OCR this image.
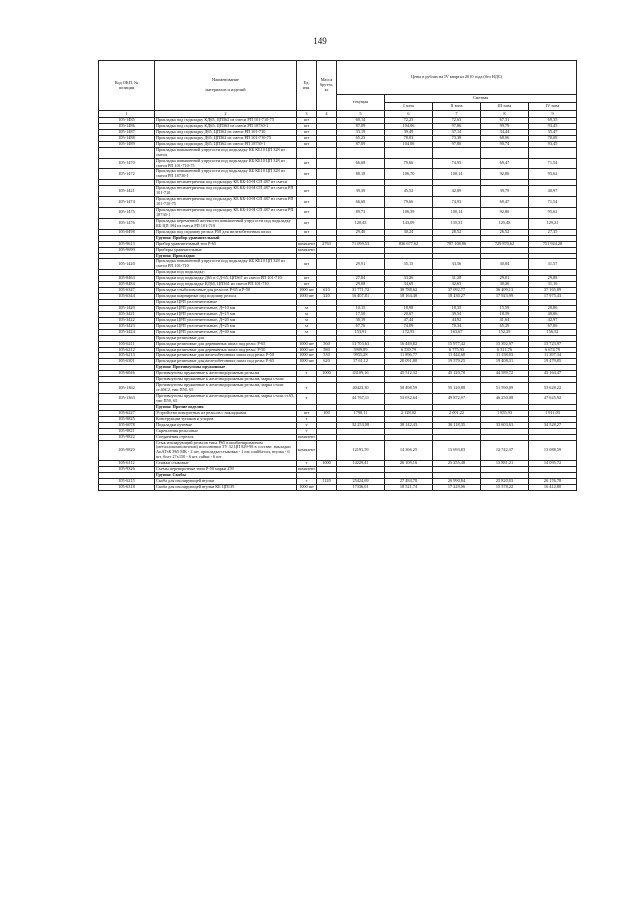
149
Код ОКП, №
позиции	Наименование

материалов и изделий	Ед.
изм.	Масса
брутто,
кг	Цены в рублях на IV квартал 2010 года (без НДС)				
				текущая	Сметная			
					I зона	II зона	III зона	IV зона
1	2	3	4	5	6	7	8	9
105-1485	Прокладка под подкладку КД65, ЦП362 из смеси РП 101-710-75	шт		60,14	72,23	72,63	67,31	69,35
105-1486	Прокладка под подкладку КД65, ЦП363 из смеси РП 18730-1	шт		87,09	104,06	97,86	99,79	93,45
105-1487	Прокладка под подкладку Д65, ЦП362 из смеси РП 101-710	шт		33,19	39,49	37,14	34,44	35,47
105-1488	Прокладка под подкладку Д65, ЦП362 из смеси РП 101-710-75	шт		65,23	78,03	73,38	68,06	70,08
105-1489	Прокладка под подкладку Д65, ЦП362 из смеси РП 18730-1	шт		87,09	104,06	97,86	90,74	93,45
	Прокладка повышенной упругости под подкладку КБ КБ10 ЦП 328 из смеси							
105-1470	Прокладка повышенной упругости под подкладку КБ КБ10 ЦП 328 из смеси РП 101-710-75	шт		66,68	79,66	74,93	69,47	71,54
105-1472	Прокладка повышенной упругости под подкладку КБ КБ10 ЦП 328 из смеси РП 18730-1	шт		88,18	106,70	100,14	92,86	95,62
	Прокладка несиметричная под подкладку КБ КБ-10-Н СП 487 из смеси							
105-1421	Прокладка несиметричная под подкладку КБ КБ-10-Н СП 487 из смеси РП 101-710	шт		39,39	45,52	42,89	39,79	40,97
105-1474	Прокладка несиметричная под подкладку КБ КБ-10-Н СП 487 из смеси РП 101-710-75	шт		66,68	79,66	74,93	69,47	71,54
105-1475	Прокладка несиметричная под подкладку КБ КБ-10-Н СП 487 из смеси РП 18730-1	шт		89,73	106,39	100,14	92,86	95,62
105-1476	Прокладка переменной жесткости повышенной упругости под подкладку КБ ЦП 394 из смеси РП 101-710	шт		120,43	143,09	135,31	125,48	129,21
105-0498	Прокладка под подошву рельса Р50 для железобетонных шпал	шт		29,46	30,24	28,52	26,52	27,35
	Группа: Прибор уравнительный							
105-9613	Прибор уравнительный тип Р-65	комплект	2763	71 099,53	836 677,62	787 108,86	729 870,62	751 924,28
105-9699	Приборы уравнительные	комплект						
	Группа: Прокладки							
105-1420	Прокладка повышенной упругости под подкладку КБ КБ10 ЦП 328 из смеси РП 101-710	шт		29,91	35,15	33,56	30,84	31,57
	Прокладки под подкладку:							
105-8463	Прокладки под подкладку Д65 и СД-65, ЦП367 из смеси РП 101-710	шт		27,84	33,26	31,28	29,01	29,88
105-8484	Прокладки под подкладку КД65, ЦП361 из смеси РП 101-710	шт		29,08	34,69	32,63	30,26	31,16
105-6347	Прокладки стыболовочные для рельсов Р-65 и Р-50	1000 шт	610	31 771,72	38 788,62	37 092,77	36 409,13	37 165,89
105-6344	Прокладки шарнирные под подошву рельса	1000 шт	220	16 407,81	18 164,48	18 430,27	17 923,99	17 975,43
	Прокладки ЦРП уплотнительные							
105-1420	Прокладки ЦРП уплотнительные, Д=10 мм	м		10,15	18,98	18,35	15,59	20,86
105-3421	Прокладки ЦРП уплотнительные, Д=15 мм	м		17,50	20,67	39,54	18,59	40,86
105-3422	Прокладки ЦРП уплотнительные, Д=20 мм	м		30,19	47,44	44,92	41,64	42,97
105-3423	Прокладки ЦРП уплотнительные, Д=25 мм	м		67,76	74,09	70,34	65,29	67,06
105-3424	Прокладки ЦРП уплотнительные, Д=40 мм	м		153,91	172,93	163,67	152,29	156,52
	Прокладки резиновые для							
105-6211	Прокладки резиновые для деревянных шпал под рельс Р-65	1000 шт	560	13 703,63	16 449,82	15 977,42	15 392,97	15 723,97
105-6212	Прокладки резиновые для деревянных шпал под рельс Р-50	1000 шт	580	5909,89	6 539,79	6 775,93	6 311,76	6 674,79
105-6213	Прокладки резиновые для железобетонных шпал под рельс Р-50	1000 шт	530	9955,28	11 896,77	11 444,68	11 158,03	11 397,34
105-6301	Прокладки резиновые для железобетонных шпал под рельс Р-65	1000 шт	620	17 61,12	20 091,80	19 579,25	19 408,31	19 479,85
	Группа: Противоугоны пружинные							
105-6046	Противоугоны пружинные к железнодорожным рельсам	т	1000	43109,16	45 512,32	45 120,70	44 589,72	45 164,47
	Противоугоны пружинные к железнодорожным рельсам, марка стали:							
105-1362	Противоугоны пружинные к железнодорожным рельсам, марка стали ст.40С2, тип П50, 65	т		40423,30	50 498,59	55 120,88	51 590,09	53 628,22
105-1363	Противоугоны пружинные к железнодорожным рельсам, марка стали ст.65, тип П50, 65	т		44 767,11	53 032,64	49 872,97	46 250,08	47 625,92
	Группа: Прочие изделия							
105-6227	Устройство поворотных из рельсов с накладками	шт	100	1790,11	2 128,02	2 001,22	1 855,93	1 911,03
105-9825	Конструкции тупиков и упоров	т						
105-6078	Подкладки путевые	т		32 253,08	38 142,43	36 118,35	33 603,63	34 528,27
105-9821	Скрепления рельсовые	т						
105-9822	Соединения стрелок	комплект						
105-9820	Стык изолирующий рельсов типа Р65 в комбинированном (металлокомпозитном) исполнении ТУ 32 ЦП 829-98 в составе: накладки АпАТзК Р65 МК - 2 шт, прокладка-стыковка - 1 шт, шайба-шл, втулка - 6 шт, болт 27х150 - 6 шт, гайки - 6 шт	комплект		12191,59	14 366,25	13 693,83	12 742,37	13 088,59
105-6112	Стяжки стыковые	т	1000	14229,41	26 109,16	25 255,48	13 881,21	14 095,72
105-9326	Съемы переворотные типа Р-50 марки 259	комплект						
	Группа: Скобы							
105-6215	Скоба для изолирующей втулки	т	1120	25424,69	27 484,78	26 990,84	25 820,03	26 176,78
105-6318	Скоба для изолирующей втулки КБ ЦП139	1000 шт		17336,01	18 521,74	17 229,06	15 578,22	16 412,80
